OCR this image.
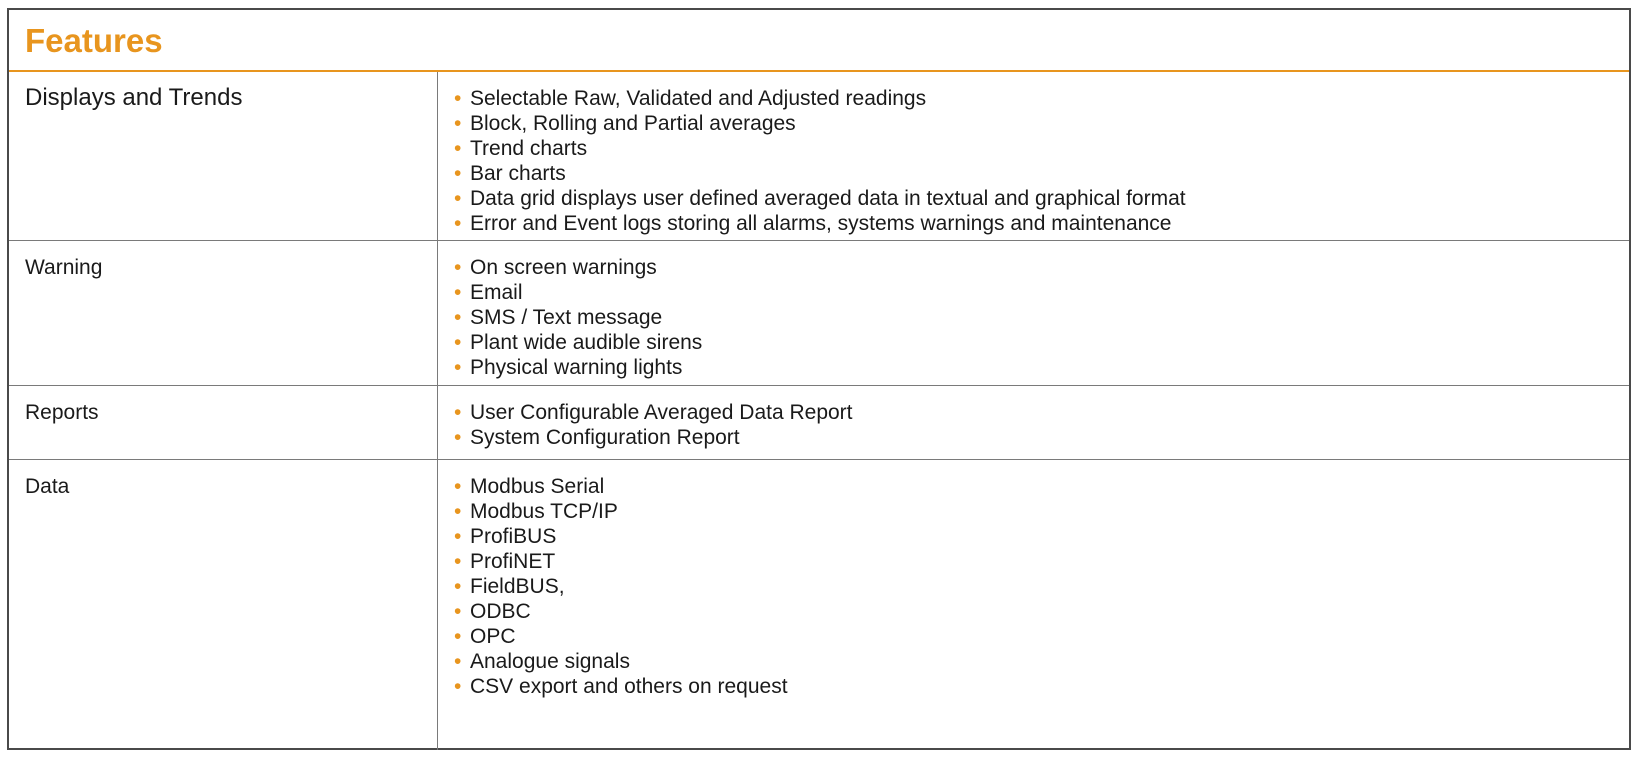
Features
Displays and Trends	• Selectable Raw, Validated and Adjusted readings
• Block, Rolling and Partial averages
• Trend charts
• Bar charts
• Data grid displays user defined averaged data in textual and graphical format
• Error and Event logs storing all alarms, systems warnings and maintenance
Warning	• On screen warnings
• Email
• SMS / Text message
• Plant wide audible sirens
• Physical warning lights
Reports	• User Configurable Averaged Data Report
• System Configuration Report
Data	• Modbus Serial
• Modbus TCP/IP
• ProfiBUS
• ProfiNET
• FieldBUS,
• ODBC
• OPC
• Analogue signals
• CSV export and others on request
